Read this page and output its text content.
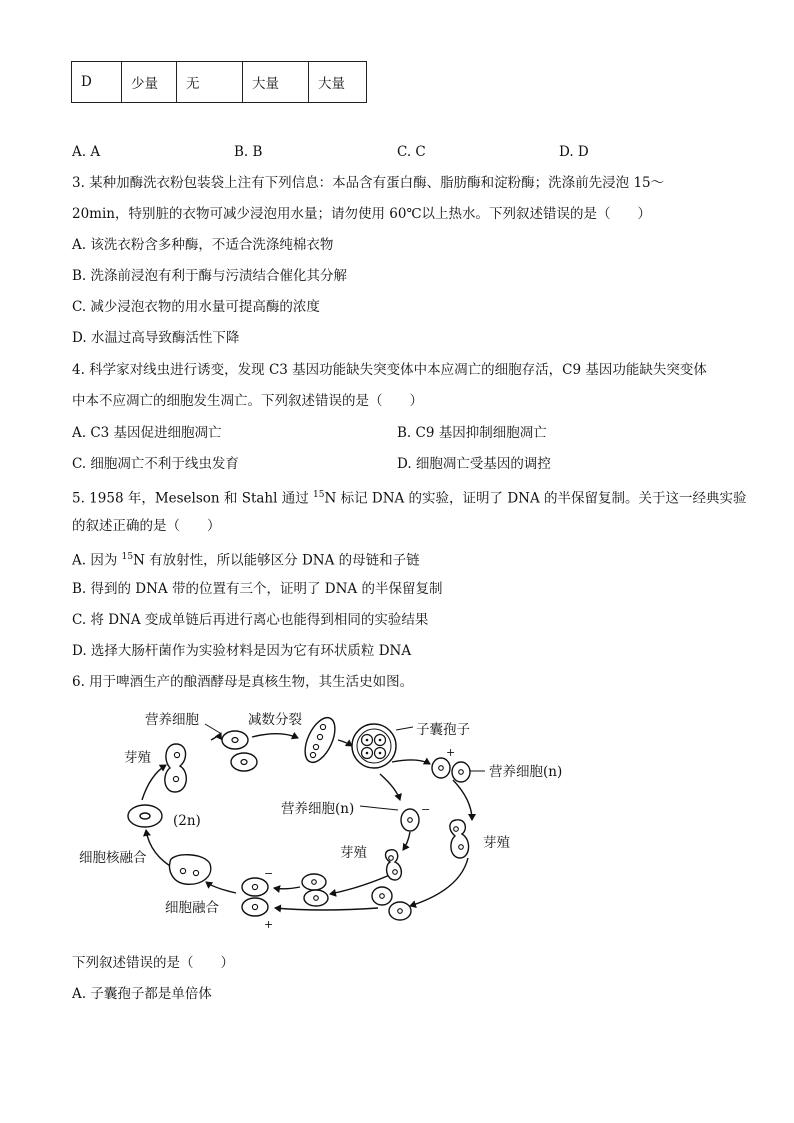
D	少量	无	大量	大量
A. A	B. B	C. C	D. D
3. 某种加酶洗衣粉包装袋上注有下列信息：本品含有蛋白酶、脂肪酶和淀粉酶；洗涤前先浸泡 15～
20min，特别脏的衣物可减少浸泡用水量；请勿使用 60℃以上热水。下列叙述错误的是（　　）
A. 该洗衣粉含多种酶，不适合洗涤纯棉衣物
B. 洗涤前浸泡有利于酶与污渍结合催化其分解
C. 减少浸泡衣物的用水量可提高酶的浓度
D. 水温过高导致酶活性下降
4. 科学家对线虫进行诱变，发现 C3 基因功能缺失突变体中本应凋亡的细胞存活，C9 基因功能缺失突变体
中本不应凋亡的细胞发生凋亡。下列叙述错误的是（　　）
A. C3 基因促进细胞凋亡	B. C9 基因抑制细胞凋亡
C. 细胞凋亡不利于线虫发育	D. 细胞凋亡受基因的调控
5. 1958 年，Meselson 和 Stahl 通过 $^{15}$N 标记 DNA 的实验，证明了 DNA 的半保留复制。关于这一经典实验
的叙述正确的是（　　）
A. 因为 $^{15}$N 有放射性，所以能够区分 DNA 的母链和子链
B. 得到的 DNA 带的位置有三个，证明了 DNA 的半保留复制
C. 将 DNA 变成单链后再进行离心也能得到相同的实验结果
D. 选择大肠杆菌作为实验材料是因为它有环状质粒 DNA
6. 用于啤酒生产的酿酒酵母是真核生物，其生活史如图。
营养细胞	减数分裂
子囊孢子
芽殖
营养细胞(n)
营养细胞(n)
(2n)
芽殖
芽殖
细胞核融合
细胞融合
+
−
−
+
下列叙述错误的是（　　）
A. 子囊孢子都是单倍体
